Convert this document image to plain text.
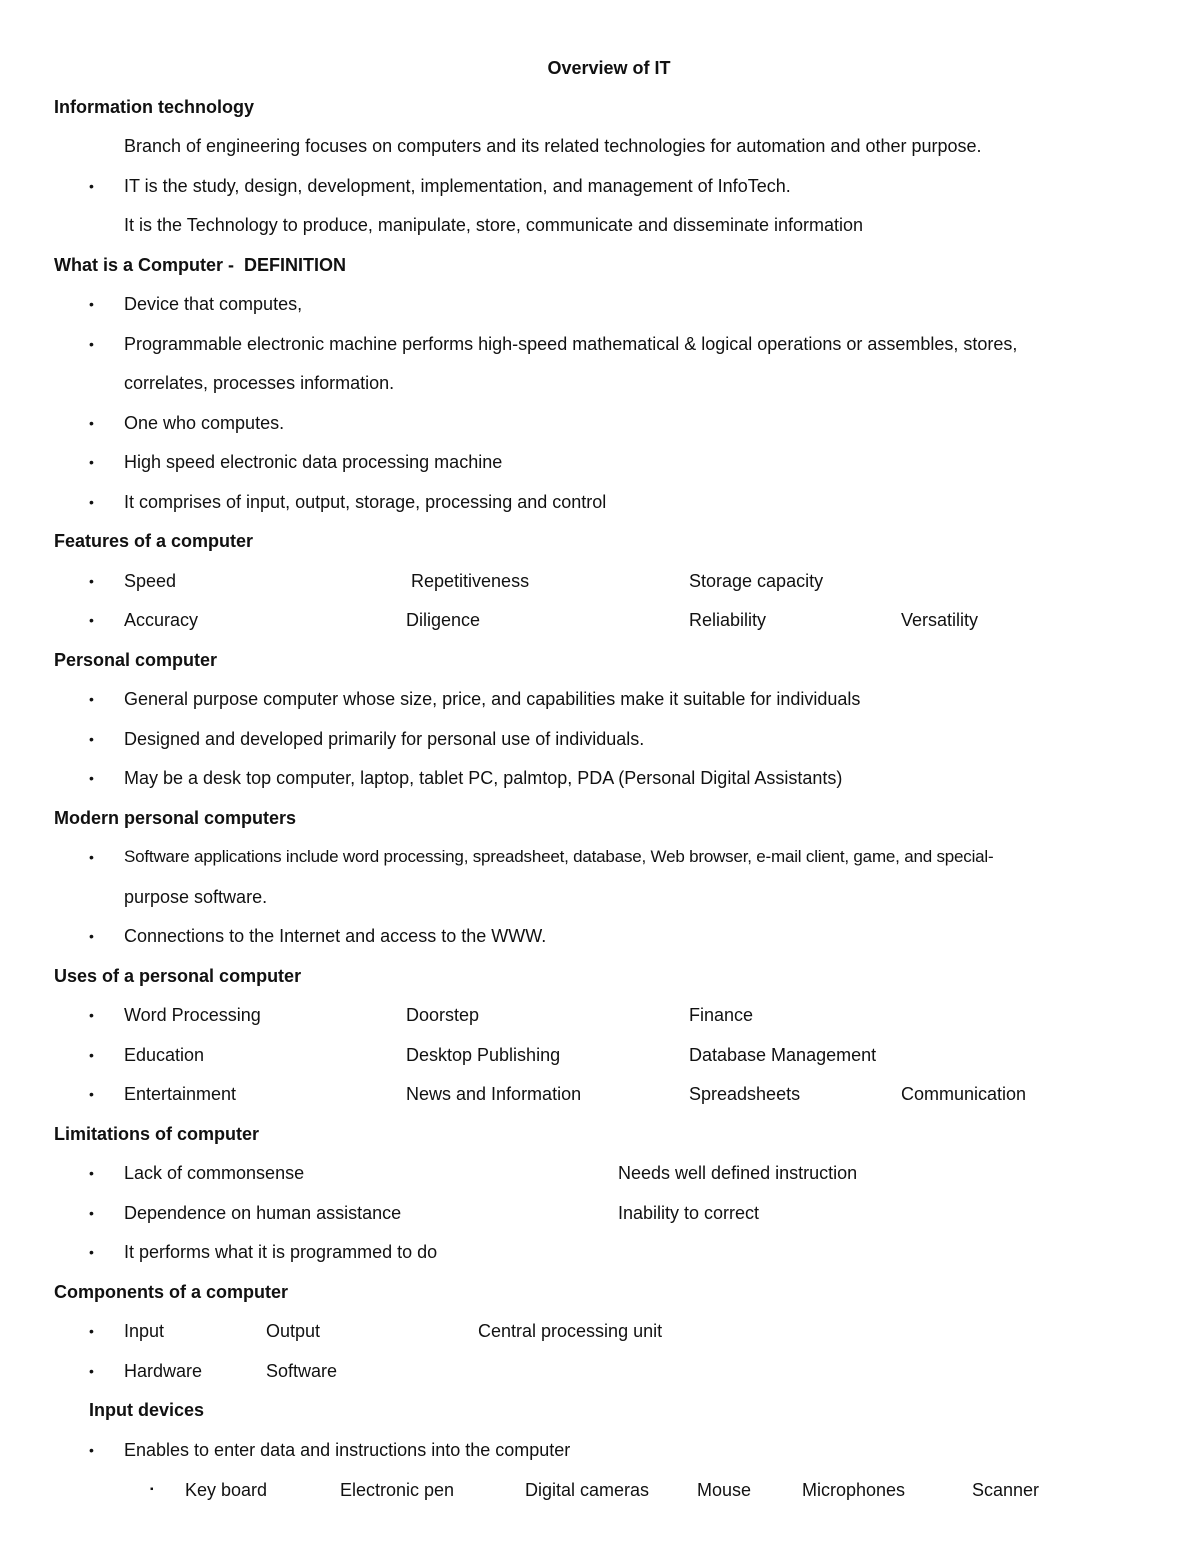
Overview of IT
Information technology
Branch of engineering focuses on computers and its related technologies for automation and other purpose.
• IT is the study, design, development, implementation, and management of InfoTech.
It is the Technology to produce, manipulate, store, communicate and disseminate information
What is a Computer -  DEFINITION
• Device that computes,
• Programmable electronic machine performs high-speed mathematical & logical operations or assembles, stores,
correlates, processes information.
• One who computes.
• High speed electronic data processing machine
• It comprises of input, output, storage, processing and control
Features of a computer
• Speed	Repetitiveness	Storage capacity
• Accuracy	Diligence	Reliability	Versatility
Personal computer
• General purpose computer whose size, price, and capabilities make it suitable for individuals
• Designed and developed primarily for personal use of individuals.
• May be a desk top computer, laptop, tablet PC, palmtop, PDA (Personal Digital Assistants)
Modern personal computers
• Software applications include word processing, spreadsheet, database, Web browser, e-mail client, game, and special-
purpose software.
• Connections to the Internet and access to the WWW.
Uses of a personal computer
• Word Processing	Doorstep	Finance
• Education	Desktop Publishing	Database Management
• Entertainment	News and Information	Spreadsheets	Communication
Limitations of computer
• Lack of commonsense	Needs well defined instruction
• Dependence on human assistance	Inability to correct
• It performs what it is programmed to do
Components of a computer
• Input	Output	Central processing unit
• Hardware	Software
Input devices
• Enables to enter data and instructions into the computer
▪ Key board	Electronic pen	Digital cameras	Mouse	Microphones	Scanner
